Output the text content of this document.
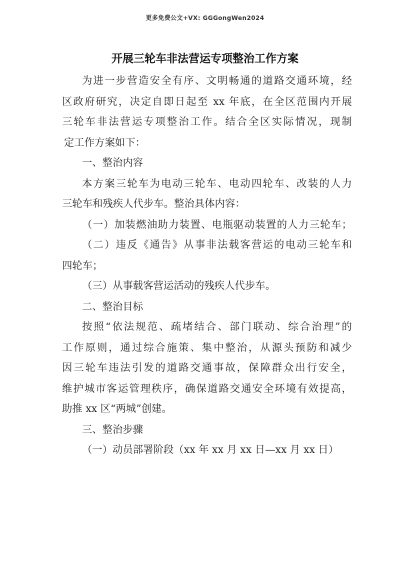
更多免费公文+VX: GGGongWen2024
开展三轮车非法营运专项整治工作方案

为进一步营造安全有序、文明畅通的道路交通环境，经

区政府研究，决定自即日起至 xx 年底，在全区范围内开展

三轮车非法营运专项整治工作。结合全区实际情况，现制

定工作方案如下：

一、整治内容

本方案三轮车为电动三轮车、电动四轮车、改装的人力

三轮车和残疾人代步车。整治具体内容：

（一）加装燃油助力装置、电瓶驱动装置的人力三轮车；

（二）违反《通告》从事非法载客营运的电动三轮车和

四轮车；

（三）从事载客营运活动的残疾人代步车。

二、整治目标

按照“依法规范、疏堵结合、部门联动、综合治理”的

工作原则，通过综合施策、集中整治，从源头预防和减少

因三轮车违法引发的道路交通事故，保障群众出行安全，

维护城市客运管理秩序，确保道路交通安全环境有效提高，

助推 xx 区“两城”创建。

三、整治步骤

（一）动员部署阶段（xx 年 xx 月 xx 日—xx 月 xx 日）
